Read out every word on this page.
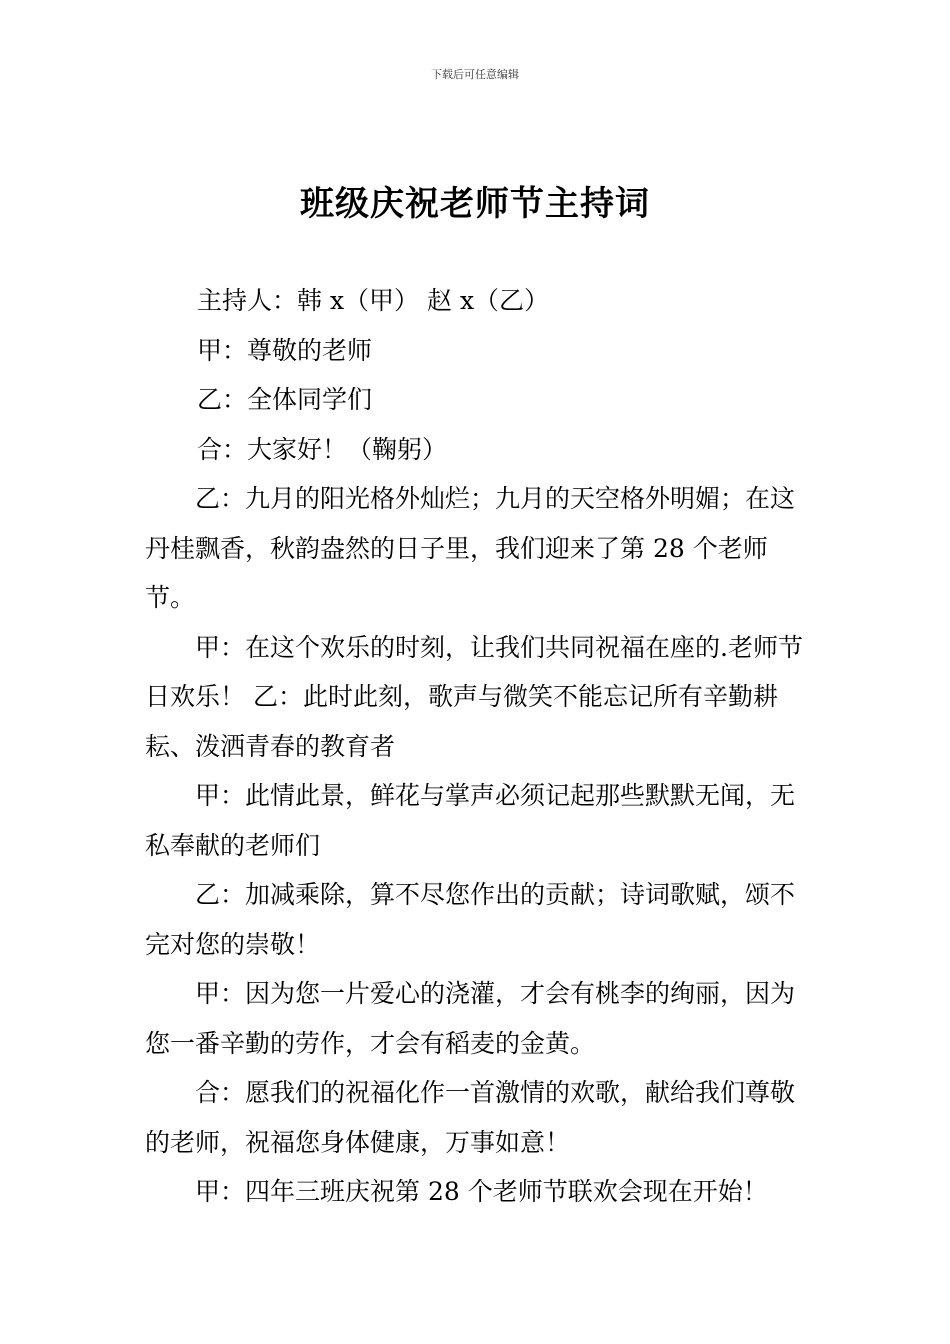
下载后可任意编辑
班级庆祝老师节主持词

主持人：韩 x（甲） 赵 x（乙）

甲：尊敬的老师

乙：全体同学们

合：大家好！（鞠躬）

乙：九月的阳光格外灿烂；九月的天空格外明媚；在这丹桂飘香，秋韵盎然的日子里，我们迎来了第 28 个老师节。

甲：在这个欢乐的时刻，让我们共同祝福在座的.老师节日欢乐！ 乙：此时此刻，歌声与微笑不能忘记所有辛勤耕耘、泼洒青春的教育者

甲：此情此景，鲜花与掌声必须记起那些默默无闻，无私奉献的老师们

乙：加减乘除，算不尽您作出的贡献；诗词歌赋，颂不完对您的崇敬！

甲：因为您一片爱心的浇灌，才会有桃李的绚丽，因为您一番辛勤的劳作，才会有稻麦的金黄。

合：愿我们的祝福化作一首激情的欢歌，献给我们尊敬的老师，祝福您身体健康，万事如意！

甲：四年三班庆祝第 28 个老师节联欢会现在开始！
